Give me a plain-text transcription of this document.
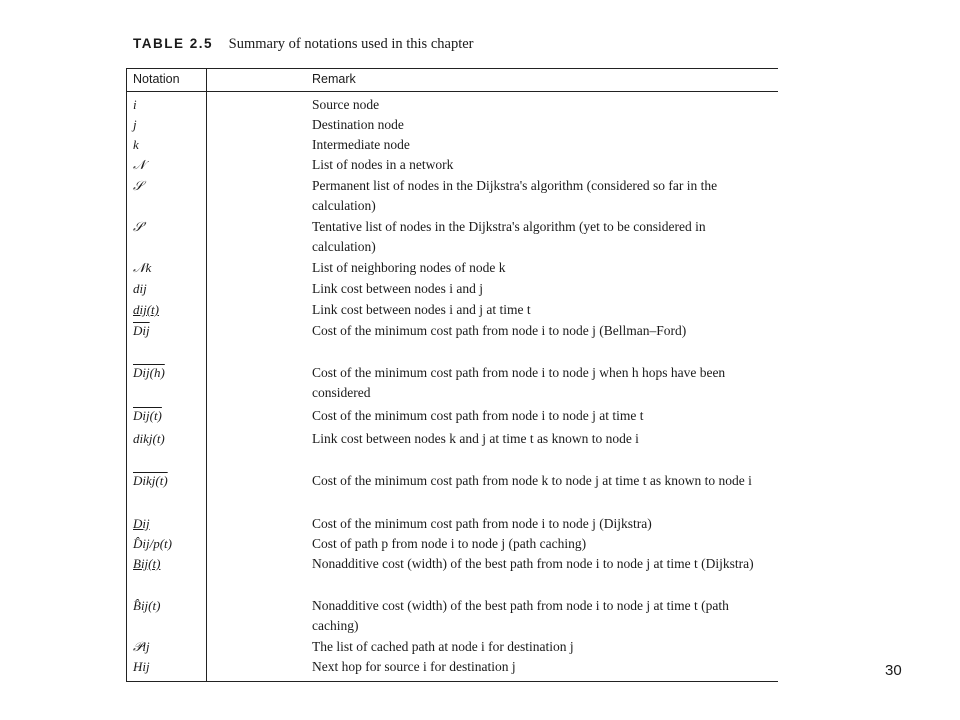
TABLE 2.5 Summary of notations used in this chapter
Notation	Remark
i	Source node
j	Destination node
k	Intermediate node
𝒩	List of nodes in a network
𝒮	Permanent list of nodes in the Dijkstra's algorithm (considered so far in the calculation)
𝒮′	Tentative list of nodes in the Dijkstra's algorithm (yet to be considered in calculation)
𝒩k	List of neighboring nodes of node k
dij	Link cost between nodes i and j
dij(t)	Link cost between nodes i and j at time t
$\overline{Dij}$	Cost of the minimum cost path from node i to node j (Bellman–Ford)
Dij(h)	Cost of the minimum cost path from node i to node j when h hops have been considered
Dij(t)	Cost of the minimum cost path from node i to node j at time t
dikj(t)	Link cost between nodes k and j at time t as known to node i
Dikj(t)	Cost of the minimum cost path from node k to node j at time t as known to node i
Dij	Cost of the minimum cost path from node i to node j (Dijkstra)
D̂ij/p(t)	Cost of path p from node i to node j (path caching)
Bij(t)	Nonadditive cost (width) of the best path from node i to node j at time t (Dijkstra)
B̂ij(t)	Nonadditive cost (width) of the best path from node i to node j at time t (path caching)
𝒫ij	The list of cached path at node i for destination j
Hij	Next hop for source i for destination j	30
